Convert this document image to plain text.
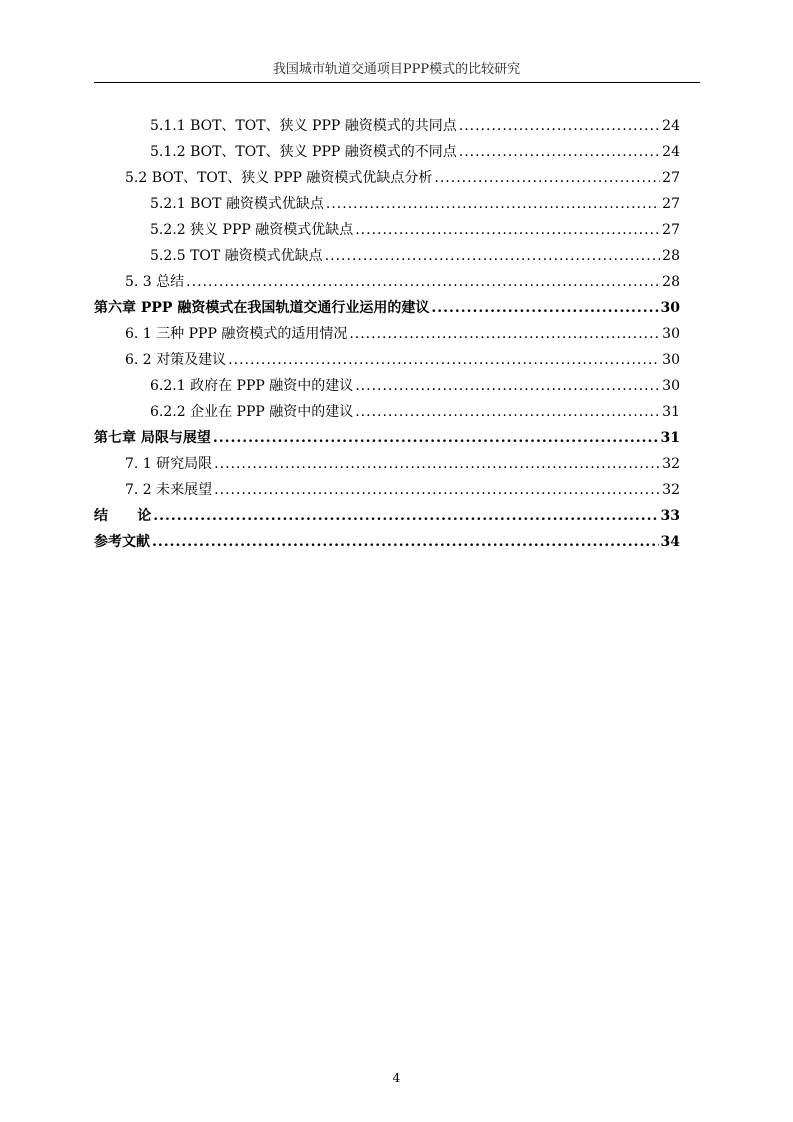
我国城市轨道交通项目PPP模式的比较研究
5.1.1 BOT、TOT、狭义 PPP 融资模式的共同点 .....	24
5.1.2 BOT、TOT、狭义 PPP 融资模式的不同点 .....	24
5.2 BOT、TOT、狭义 PPP 融资模式优缺点分析 .....	27
5.2.1 BOT 融资模式优缺点 .....	27
5.2.2 狭义 PPP 融资模式优缺点 .....	27
5.2.5 TOT 融资模式优缺点 .....	28
5. 3 总结 .....	28
第六章 PPP 融资模式在我国轨道交通行业运用的建议 .....	30
6. 1 三种 PPP 融资模式的适用情况 .....	30
6. 2 对策及建议 .....	30
6.2.1 政府在 PPP 融资中的建议 .....	30
6.2.2 企业在 PPP 融资中的建议 .....	31
第七章 局限与展望 .....	31
7. 1 研究局限 .....	32
7. 2 未来展望 .....	32
结      论 .....	33
参考文献 .....	34
4
